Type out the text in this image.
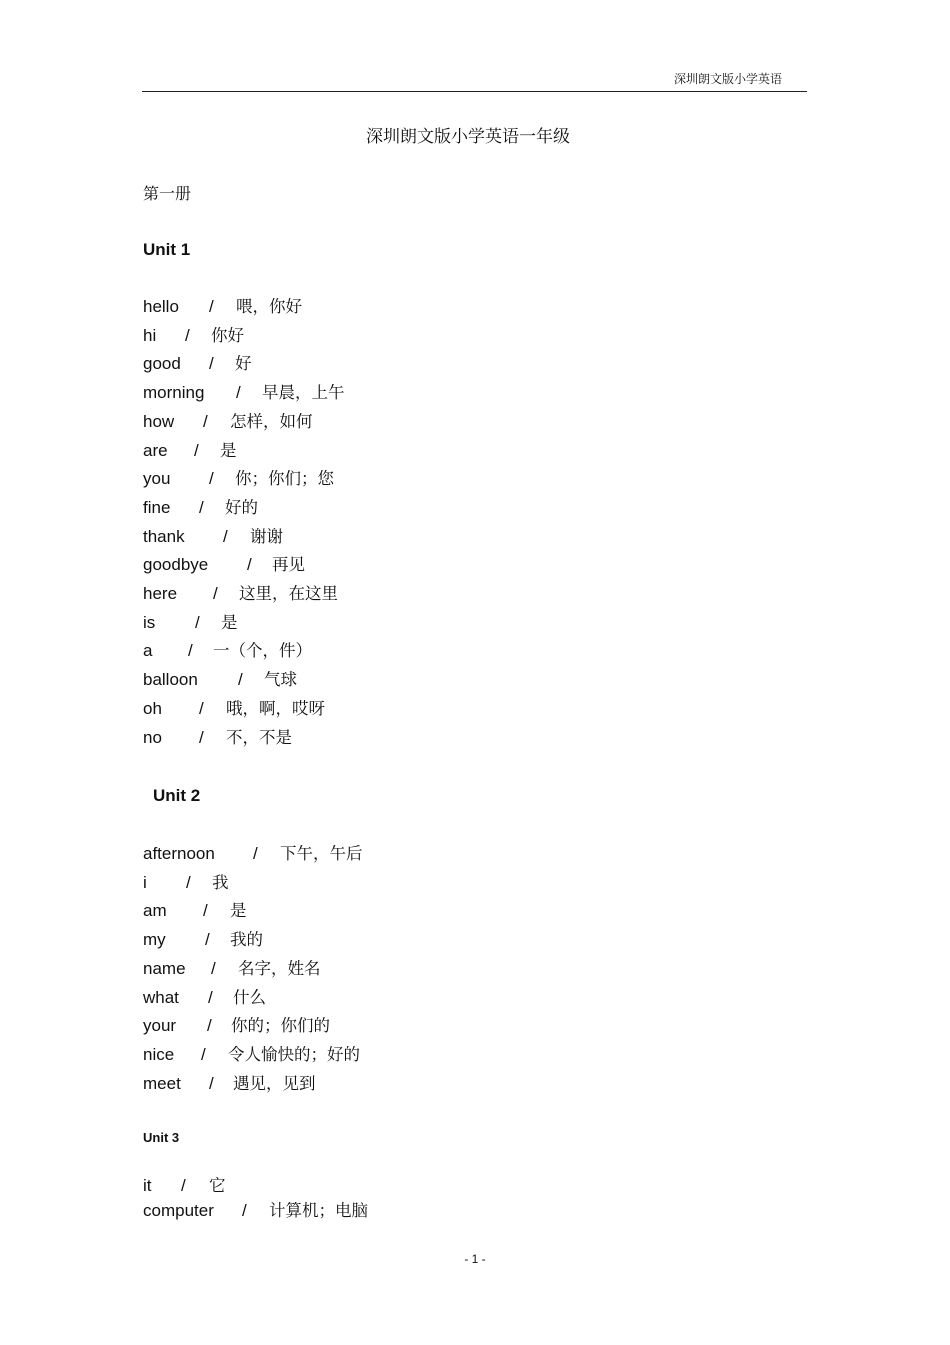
深圳朗文版小学英语
深圳朗文版小学英语一年级
第一册
Unit 1
hello / 喂，你好
hi / 你好
good / 好
morning / 早晨，上午
how / 怎样，如何
are / 是
you / 你；你们；您
fine / 好的
thank / 谢谢
goodbye / 再见
here / 这里，在这里
is / 是
a / 一（个，件）
balloon / 气球
oh / 哦，啊，哎呀
no / 不，不是
Unit 2
afternoon / 下午，午后
i / 我
am / 是
my / 我的
name / 名字，姓名
what / 什么
your / 你的；你们的
nice / 令人愉快的；好的
meet / 遇见，见到
Unit 3
it / 它
computer / 计算机；电脑
- 1 -
